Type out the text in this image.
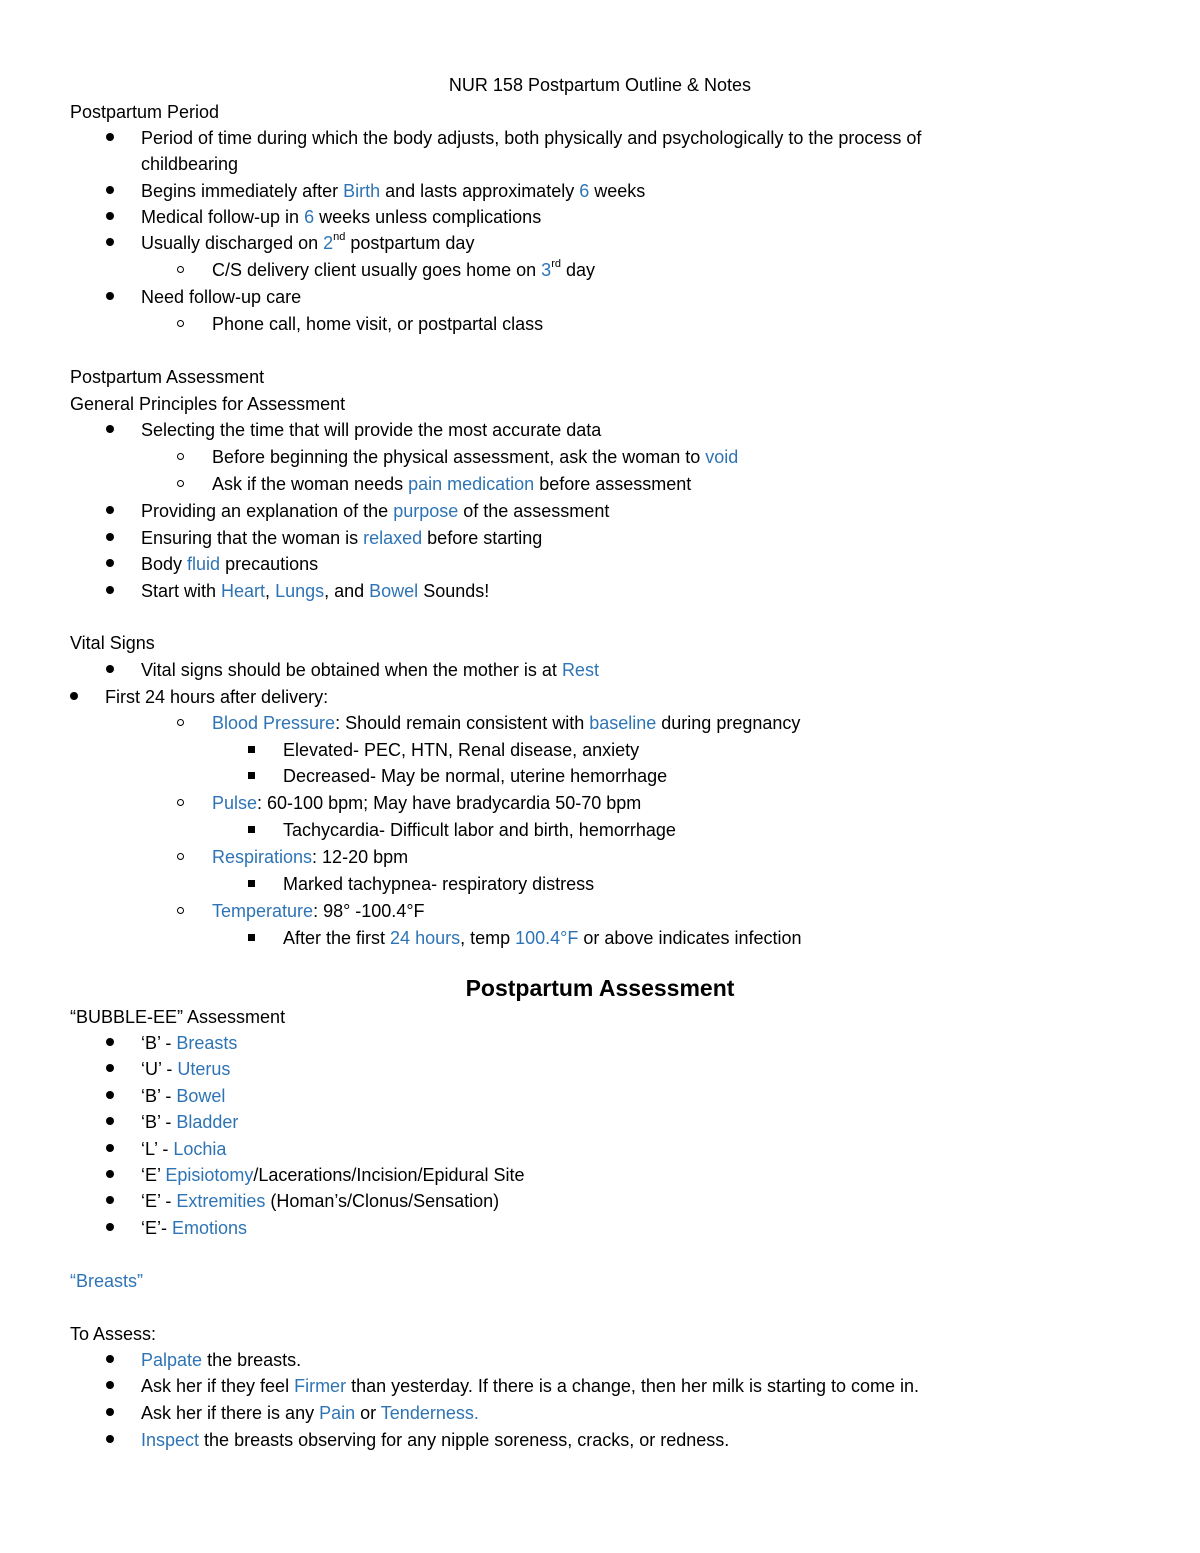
NUR 158 Postpartum Outline & Notes
Postpartum Period
Period of time during which the body adjusts, both physically and psychologically to the process of
childbearing
Begins immediately after Birth and lasts approximately 6 weeks
Medical follow-up in 6 weeks unless complications
Usually discharged on 2nd postpartum day
C/S delivery client usually goes home on 3rd day
Need follow-up care
Phone call, home visit, or postpartal class
Postpartum Assessment
General Principles for Assessment
Selecting the time that will provide the most accurate data
Before beginning the physical assessment, ask the woman to void
Ask if the woman needs pain medication before assessment
Providing an explanation of the purpose of the assessment
Ensuring that the woman is relaxed before starting
Body fluid precautions
Start with Heart, Lungs, and Bowel Sounds!
Vital Signs
Vital signs should be obtained when the mother is at Rest
First 24 hours after delivery:
Blood Pressure: Should remain consistent with baseline during pregnancy
Elevated- PEC, HTN, Renal disease, anxiety
Decreased- May be normal, uterine hemorrhage
Pulse: 60-100 bpm; May have bradycardia 50-70 bpm
Tachycardia- Difficult labor and birth, hemorrhage
Respirations: 12-20 bpm
Marked tachypnea- respiratory distress
Temperature: 98° -100.4°F
After the first 24 hours, temp 100.4°F or above indicates infection
Postpartum Assessment
“BUBBLE-EE” Assessment
‘B’ - Breasts
‘U’ - Uterus
‘B’ - Bowel
‘B’ - Bladder
‘L’ - Lochia
‘E’ Episiotomy/Lacerations/Incision/Epidural Site
‘E’ - Extremities (Homan’s/Clonus/Sensation)
‘E’- Emotions
“Breasts”
To Assess:
Palpate the breasts.
Ask her if they feel Firmer than yesterday. If there is a change, then her milk is starting to come in.
Ask her if there is any Pain or Tenderness.
Inspect the breasts observing for any nipple soreness, cracks, or redness.
